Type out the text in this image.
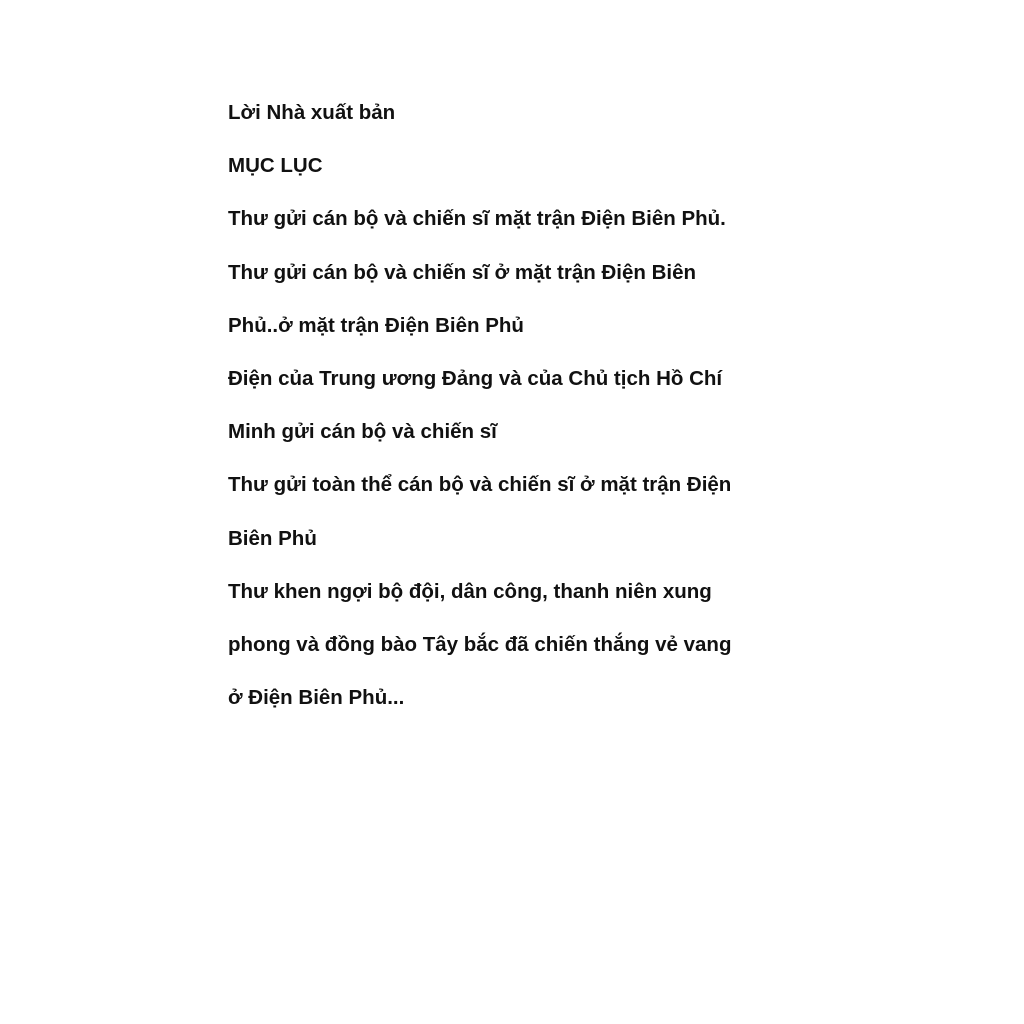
Lời Nhà xuất bản

MỤC LỤC

Thư gửi cán bộ và chiến sĩ mặt trận Điện Biên Phủ.

Thư gửi cán bộ và chiến sĩ ở mặt trận Điện Biên

Phủ..ở mặt trận Điện Biên Phủ

Điện của Trung ương Đảng và của Chủ tịch Hồ Chí

Minh gửi cán bộ và chiến sĩ

Thư gửi toàn thể cán bộ và chiến sĩ ở mặt trận Điện

Biên Phủ

Thư khen ngợi bộ đội, dân công, thanh niên xung

phong và đồng bào Tây bắc đã chiến thắng vẻ vang

ở Điện Biên Phủ...
